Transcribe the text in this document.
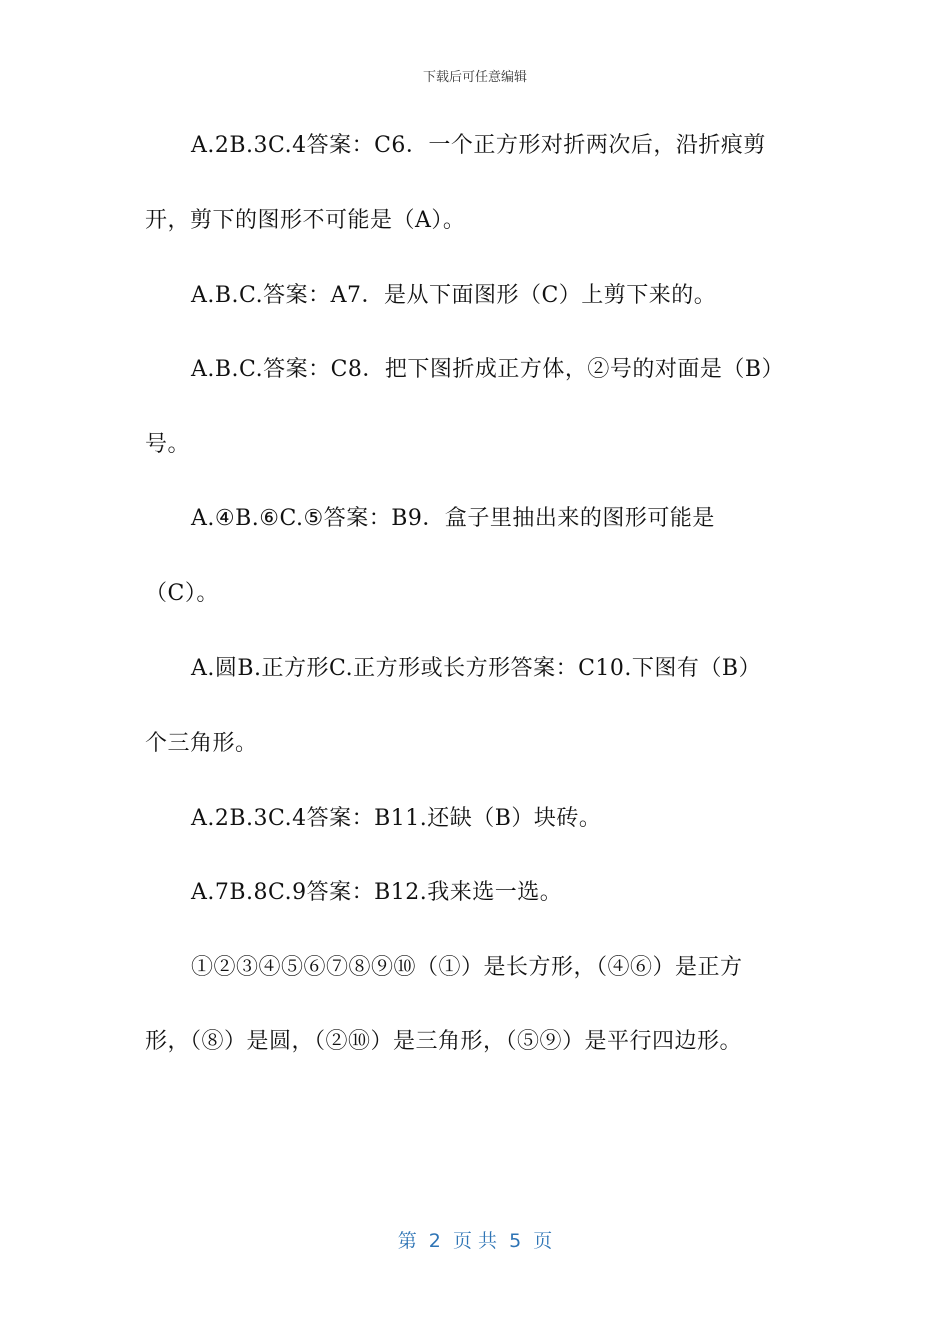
下载后可任意编辑
A.2B.3C.4答案：C6．一个正方形对折两次后，沿折痕剪
开，剪下的图形不可能是（A）。
A.B.C.答案：A7．是从下面图形（C）上剪下来的。
A.B.C.答案：C8．把下图折成正方体，②号的对面是（B）
号。
A.④B.⑥C.⑤答案：B9．盒子里抽出来的图形可能是
（C）。
A.圆B.正方形C.正方形或长方形答案：C10.下图有（B）
个三角形。
A.2B.3C.4答案：B11.还缺（B）块砖。
A.7B.8C.9答案：B12.我来选一选。
①②③④⑤⑥⑦⑧⑨⑩（①）是长方形，（④⑥）是正方
形，（⑧）是圆，（②⑩）是三角形，（⑤⑨）是平行四边形。
第  2  页 共  5  页
